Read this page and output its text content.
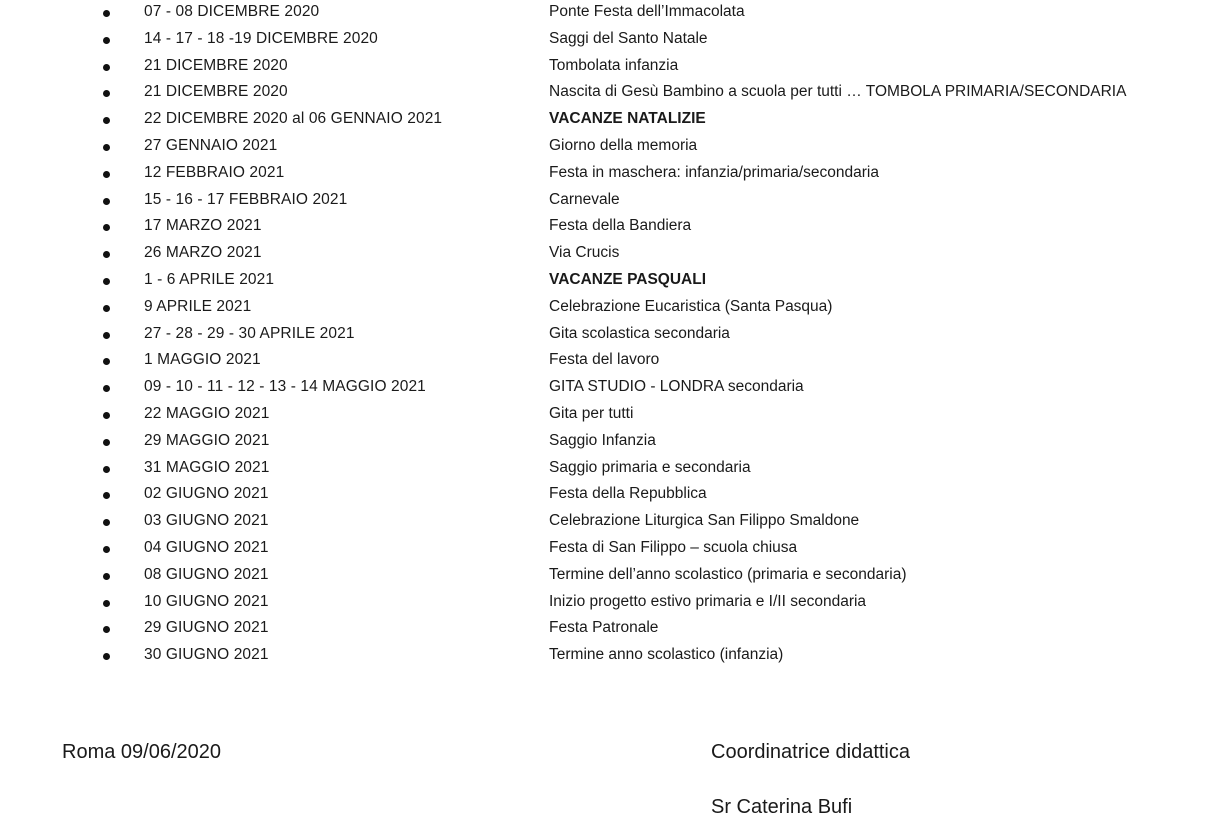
07 - 08 DICEMBRE 2020	Ponte Festa dell’Immacolata
14 - 17 - 18 -19 DICEMBRE 2020	Saggi del Santo Natale
21 DICEMBRE 2020	Tombolata infanzia
21 DICEMBRE 2020	Nascita di Gesù Bambino a scuola per tutti … TOMBOLA PRIMARIA/SECONDARIA
22 DICEMBRE 2020 al 06 GENNAIO 2021	VACANZE NATALIZIE
27 GENNAIO 2021	Giorno della memoria
12 FEBBRAIO 2021	Festa in maschera: infanzia/primaria/secondaria
15 - 16 - 17 FEBBRAIO 2021	Carnevale
17 MARZO 2021	Festa della Bandiera
26 MARZO 2021	Via Crucis
1 - 6 APRILE 2021	VACANZE PASQUALI
9 APRILE 2021	Celebrazione Eucaristica (Santa Pasqua)
27 - 28 - 29 - 30 APRILE 2021	Gita scolastica secondaria
1 MAGGIO 2021	Festa del lavoro
09 - 10 - 11 - 12 - 13 - 14 MAGGIO 2021	GITA STUDIO - LONDRA secondaria
22 MAGGIO 2021	Gita per tutti
29 MAGGIO 2021	Saggio Infanzia
31 MAGGIO 2021	Saggio primaria e secondaria
02 GIUGNO 2021	Festa della Repubblica
03 GIUGNO 2021	Celebrazione Liturgica San Filippo Smaldone
04 GIUGNO 2021	Festa di San Filippo – scuola chiusa
08 GIUGNO 2021	Termine dell’anno scolastico (primaria e secondaria)
10 GIUGNO 2021	Inizio progetto estivo primaria e I/II secondaria
29 GIUGNO 2021	Festa Patronale
30 GIUGNO 2021	Termine anno scolastico (infanzia)
Roma 09/06/2020	Coordinatrice didattica
Sr Caterina Bufi
